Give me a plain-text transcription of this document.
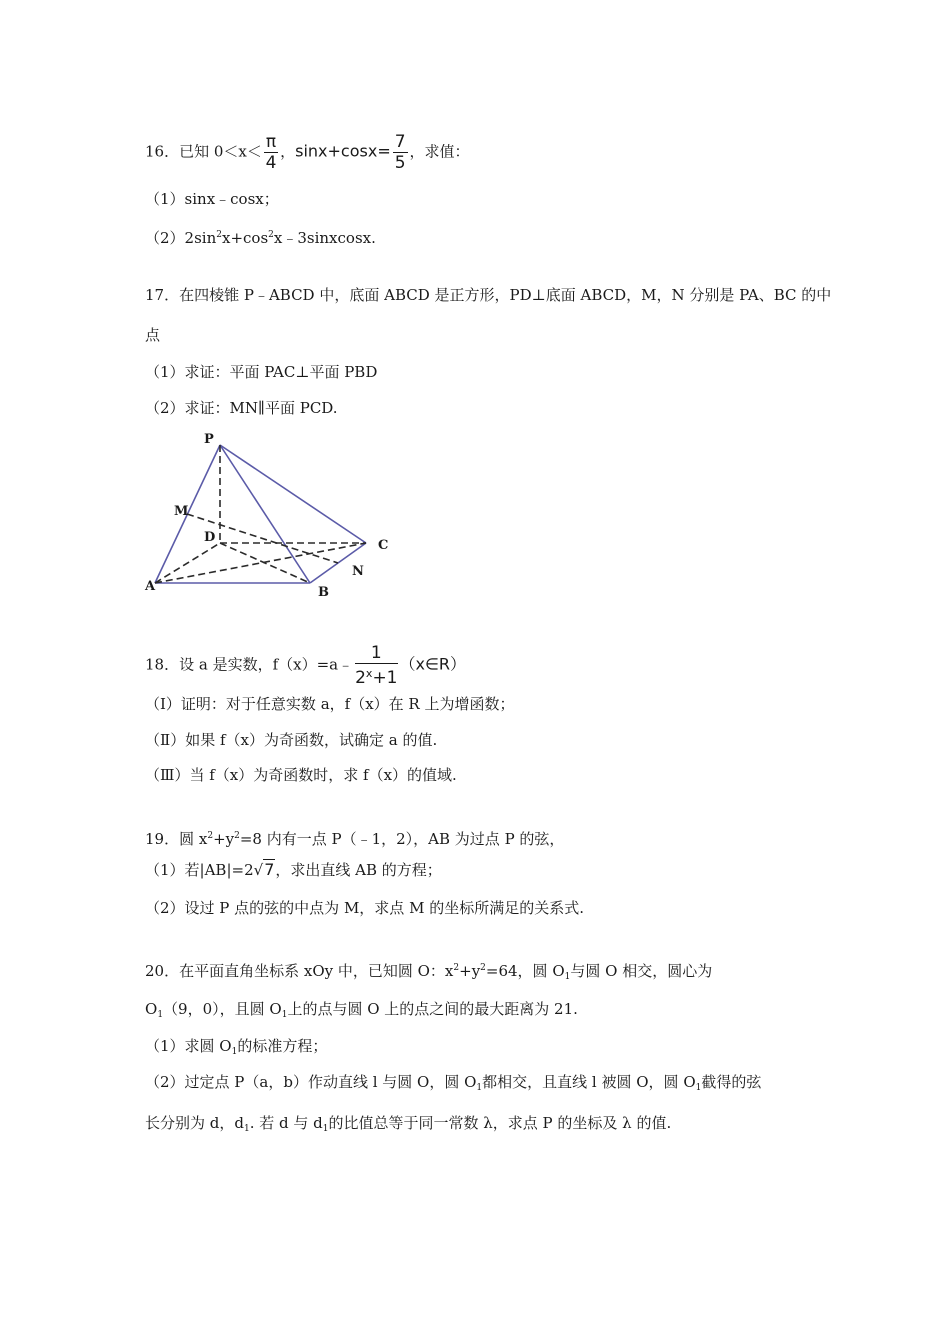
16．已知 $0<x< \frac{\pi}{4}$ ，$\sin x+\cos x= \frac{7}{5}$ ，求值：
（1）sinx﹣cosx；
$(2)2\sin^2x+\cos^2x﹣3sinxcosx$.
17．在四棱锥 P﹣ABCD 中，底面 ABCD 是正方形，PD⊥底面 ABCD，M，N 分别是 PA、BC 的中
点
（1）求证：平面 PAC⊥平面 PBD
（2）求证：MN∥平面 PCD.
P
M
D
C
N
A	B
18．设 a 是实数，f（x）=a﹣ $\frac{1}{2^x+1}$ （x∈R）
（Ⅰ）证明：对于任意实数 a，f（x）在 R 上为增函数；
（Ⅱ）如果 f（x）为奇函数，试确定 a 的值.
（Ⅲ）当 f（x）为奇函数时，求 f（x）的值域.
19．圆 $x^2+y^2=8$ 内有一点 P（﹣1，2），AB 为过点 P 的弦，
（1）若|AB|=2√7，求出直线 AB 的方程；
（2）设过 P 点的弦的中点为 M，求点 M 的坐标所满足的关系式.
20．在平面直角坐标系 xOy 中，已知圆 O：$x^2+y^2=64$，圆 $O_1$与圆 O 相交，圆心为
$O_1(9$，0），且圆 $O_1$上的点与圆 O 上的点之间的最大距离为 21.
（1）求圆 $O_1$的标准方程；
（2）过定点 P（a，b）作动直线 l 与圆 O，圆 $O_1$都相交，且直线 l 被圆 O，圆 $O_1$截得的弦
长分别为 d，$d_1$. 若 d 与 $d_1$的比值总等于同一常数 λ，求点 P 的坐标及 λ 的值.
